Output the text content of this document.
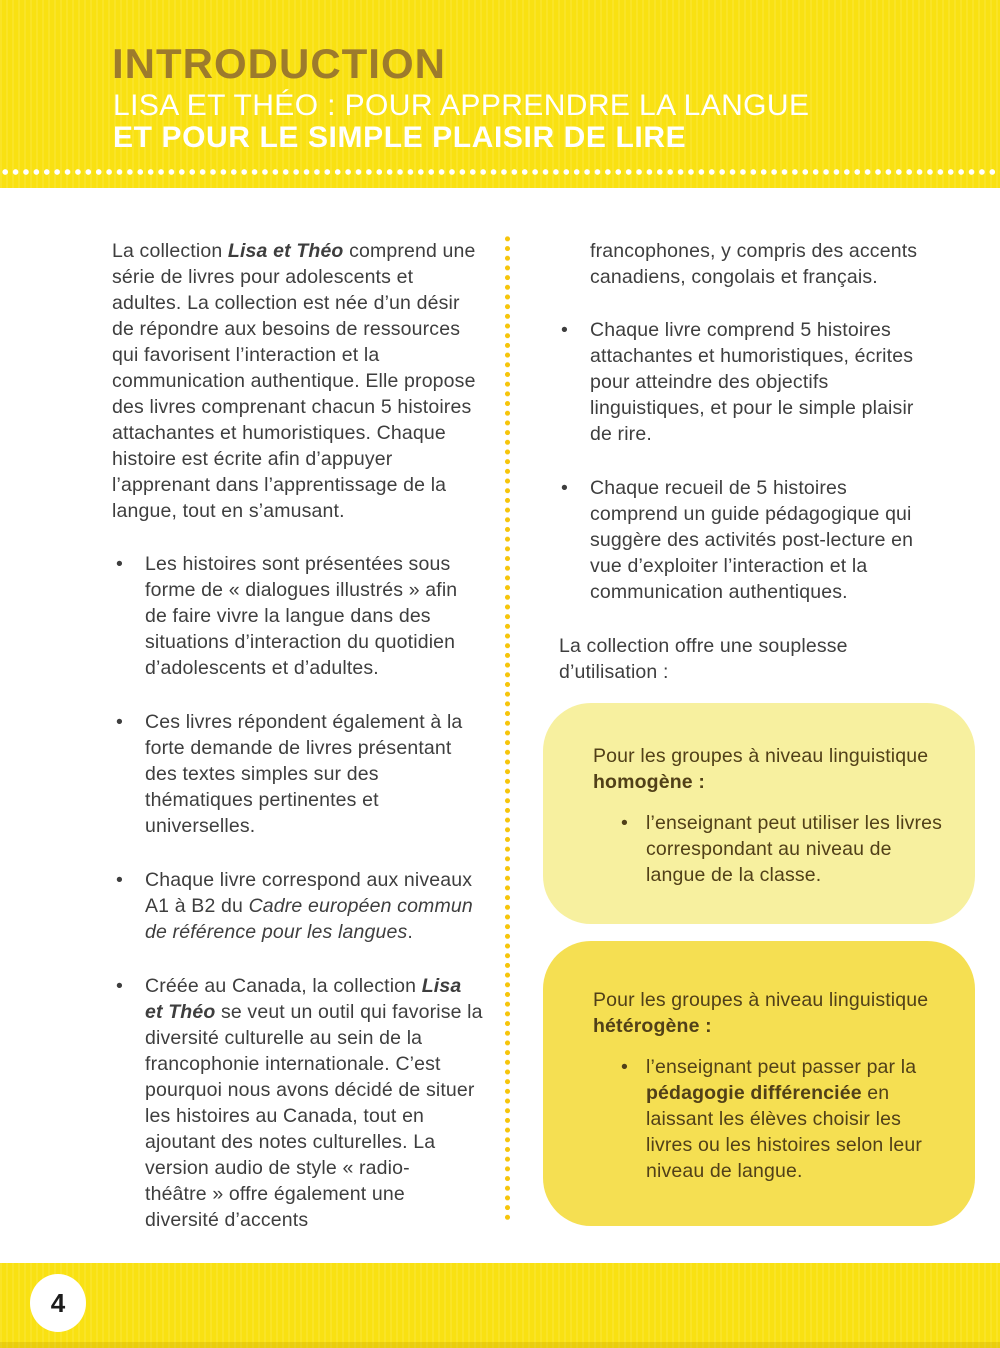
INTRODUCTION
LISA ET THÉO : POUR APPRENDRE LA LANGUE
ET POUR LE SIMPLE PLAISIR DE LIRE

La collection Lisa et Théo comprend une série de livres pour adolescents et adultes. La collection est née d’un désir de répondre aux besoins de ressources qui favorisent l’interaction et la communication authentique. Elle propose des livres comprenant chacun 5 histoires attachantes et humoristiques. Chaque histoire est écrite afin d’appuyer l’apprenant dans l’apprentissage de la langue, tout en s’amusant.

• Les histoires sont présentées sous forme de « dialogues illustrés » afin de faire vivre la langue dans des situations d’interaction du quotidien d’adolescents et d’adultes.
• Ces livres répondent également à la forte demande de livres présentant des textes simples sur des thématiques pertinentes et universelles.
• Chaque livre correspond aux niveaux A1 à B2 du Cadre européen commun de référence pour les langues.
• Créée au Canada, la collection Lisa et Théo se veut un outil qui favorise la diversité culturelle au sein de la francophonie internationale. C’est pourquoi nous avons décidé de situer les histoires au Canada, tout en ajoutant des notes culturelles. La version audio de style « radio-théâtre » offre également une diversité d’accents

francophones, y compris des accents canadiens, congolais et français.

• Chaque livre comprend 5 histoires attachantes et humoristiques, écrites pour atteindre des objectifs linguistiques, et pour le simple plaisir de rire.
• Chaque recueil de 5 histoires comprend un guide pédagogique qui suggère des activités post-lecture en vue d’exploiter l’interaction et la communication authentiques.

La collection offre une souplesse d’utilisation :

Pour les groupes à niveau linguistique homogène :

• l’enseignant peut utiliser les livres correspondant au niveau de langue de la classe.

Pour les groupes à niveau linguistique hétérogène :

• l’enseignant peut passer par la pédagogie différenciée en laissant les élèves choisir les livres ou les histoires selon leur niveau de langue.
4
